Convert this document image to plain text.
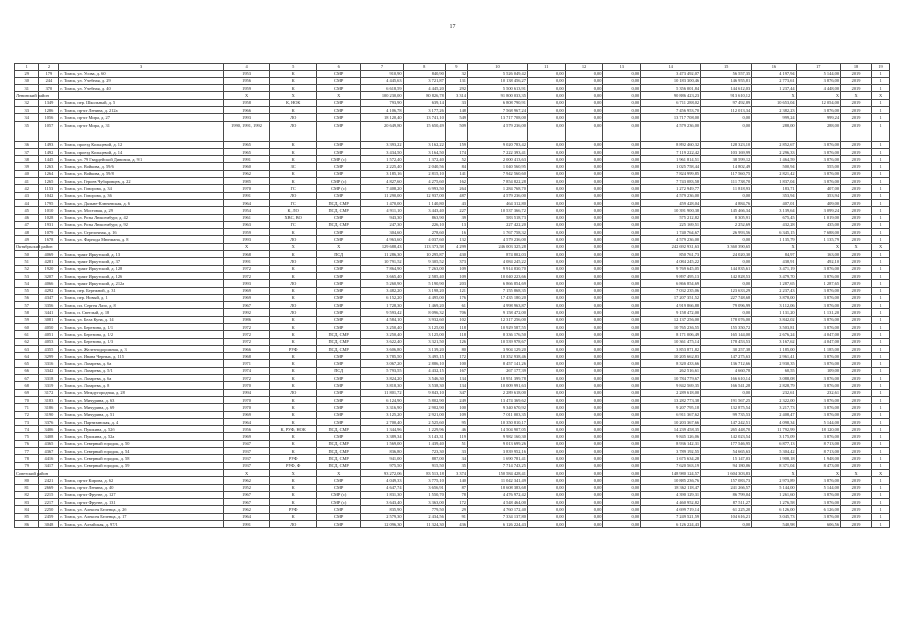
17
1	2	3	4	5	6	7	8	9	10	11	12	13	14	15	16	17	18	19
29	179	г. Томск, ул. Усова, д. 60	1953	К	СМР	910,90	840,90	32	5 526 049,42	0,00	0,00	0,00	3 473 492,07	56 557,35	4 197,94	5 144,00	2019	1
30	244	г. Томск, ул. Учебная, д. 29	1956	К	СМР	4 445,63	3 721,87	131	10 138 456,27	0,00	0,00	0,00	10 183 300,46	146 955,81	2 773,61	3 876,00	2019	1
31	370	г. Томск, ул. Учебная, д. 40	1959	К	СМР	6 618,59	4 445,20	292	5 500 613,91	0,00	0,00	0,00	5 356 001,84	144 612,03	1 237,44	4 448,00	2019	1
Ленинский район			X	X	X	100 230,00	80 826,78	3 314	91 800 033,35	0,00	0,00	0,00	90 886 423,23	913 610,12	X	X	X	X
32	1349	г. Томск, пер. Школьный, д. 5	1958	К, НОК	СМР	793,90	639,14	33	6 808 790,91	0,00	0,00	0,00	6 711 288,02	97 492,89	10 653,04	12 054,00	2019	1
33	1286	г. Томск, пр-кт Ленина, д. 212а	1966	К	СМР	4 106,78	3 177,26	148	7 568 967,24	0,00	0,00	0,00	7 456 953,70	112 013,34	2 382,23	3 876,00	2019	1
34	1056	г. Томск, пр-кт Мира, д. 27	1993	ЛО	СМР	18 120,40	13 741,10	549	13 717 708,00	0,00	0,00	0,00	13 717 708,00	0,00	999,24	999,24	2019	1
35	1057	г. Томск, пр-кт Мира, д. 31	1990, 1991, 1992	ЛО	СМР	20 649,80	15 650,49	509	4 579 236,00	0,00	0,00	0,00	4 579 236,00	0,00	288,00	288,00	2019	1
36	1493	г. Томск, проезд Кольцевой, д. 12	1965	К	СМР	3 393,22	3 162,22	159	9 020 783,42	0,00	0,00	0,00	8 892 460,32	128 323,10	2 852,67	3 876,00	2019	1
37	1492	г. Томск, проезд Кольцевой, д. 14	1965	К	СМР	3 434,50	3 164,50	174	7 222 393,41	0,00	0,00	0,00	7 119 222,42	103 169,99	2 296,33	3 876,00	2019	1
38	1445	г. Томск, ул. 79 Гвардейской Дивизии, д. 9/1	1991	К	СМР (с)	1 572,40	1 372,40	52	2 000 413,63	0,00	0,00	0,00	1 961 814,51	38 599,12	1 464,59	3 876,00	2019	1
39	1263	г. Томск, ул. Войкова, д. 59/6	1960	ЗС	СМР	2 225,40	2 040,56	84	1 040 560,95	0,00	0,00	0,00	1 025 758,44	14 802,49	500,94	555,00	2019	1
40	1264	г. Томск, ул. Войкова, д. 59/8	1962	К	СМР	3 185,16	2 815,10	141	7 942 560,60	0,00	0,00	0,00	7 824 999,85	117 560,75	2 821,42	3 876,00	2019	1
41	1265	г. Томск, ул. Героев Чубаровцев, д. 22	1985	К	СМР (с)	4 827,60	4 275,60	162	7 854 822,28	0,00	0,00	0,00	7 743 083,58	111 738,70	1 837,04	3 876,00	2019	1
42	1153	г. Томск, ул. Говорова, д. 34	1970	ГС	СМР (с)	7 408,20	6 993,50	264	1 284 768,70	0,00	0,00	0,00	1 272 949,77	11 818,93	183,71	407,00	2019	1
43	1042	г. Томск, ул. Говорова, д. 36	1991	ЛО	СМР	11 290,00	12 937,00	487	4 579 236,00	0,00	0,00	0,00	4 579 236,00	0,00	353,94	353,94	2019	1
44	1795	г. Томск, ул. Дальне-Ключевская, д. 6	1964	ГС	ПСД, СМР	1 470,00	1 140,80	43	464 312,80	0,00	0,00	0,00	459 428,04	4 884,76	407,01	409,00	2019	1
45	1010	г. Томск, ул. Мостовая, д. 29	1954	К, ЛО	ПСД, СМР	4 911,10	3 443,40	227	10 537 366,72	0,00	0,00	0,00	10 391 900,38	145 466,34	3 139,64	3 099,24	2019	1
46	1028	г. Томск, ул. Розы Люксембург, д. 42	1961	ХВС, ВО	СМР	943,30	863,90	39	583 518,73	0,00	0,00	0,00	575 212,82	8 305,91	675,45	1 019,00	2019	1
47	1931	г. Томск, ул. Розы Люксембург, д. 92	1963	ГС	ПСД, СМР	247,30	226,10	13	227 422,20	0,00	0,00	0,00	225 169,51	2 252,69	432,28	435,00	2019	1
48	1079	г. Томск, ул. Стрелочная, д. 16	1959	К	СМР	304,60	278,60	16	1 767 758,32	0,00	0,00	0,00	1 740 764,67	26 993,56	6 345,15	7 688,00	2019	1
49	1678	г. Томск, ул. Фарнода Мюнмана, д. 8	1993	ЛО	СМР	4 963,60	4 037,60	132	4 579 236,00	0,00	0,00	0,00	4 579 236,00	0,00	1 135,79	1 135,79	2019	1
Октябрьский район			X	X	X	129 688,43	113 373,58	4 299	246 003 325,28	0,00	0,00	0,00	242 692 931,63	3 360 390,65	X	X	X	X
50	4069	г. Томск, тракт Иркутский, д. 13	1968	К	ПСД	11 286,30	10 295,87	430	874 802,03	0,00	0,00	0,00	850 761,73	24 020,30	84,97	163,00	2019	1
51	4281	г. Томск, тракт Иркутский, д. 37	1991	ЛО	СМР	10 791,52	9 305,52	373	4 084 245,22	0,00	0,00	0,00	4 084 245,22	0,00	438,91	492,10	2019	1
52	1920	г. Томск, тракт Иркутский, д. 128	1972	К	СМР	7 864,90	7 263,00	109	9 914 830,70	0,00	0,00	0,00	9 769 645,05	144 835,61	3 471,19	3 876,00	2019	1
53	3207	г. Томск, тракт Иркутский, д. 126	1972	К	СМР	3 665,40	2 585,40	109	10 040 223,66	0,00	0,00	0,00	9 897 495,13	142 828,53	3 479,70	3 876,00	2019	1
54	4066	г. Томск, тракт Иркутский, д. 212а	1993	ЛО	СМР	5 260,90	5 190,90	203	6 866 854,69	0,00	0,00	0,00	6 866 854,69	0,00	1 287,65	1 287,65	2019	1
55	4292	г. Томск, пер. Бережной, д. 31	1969	К	СМР	3 482,20	3 198,20	121	7 155 868,35	0,00	0,00	0,00	7 032 235,06	123 633,29	2 237,43	3 876,00	2019	1
56	4347	г. Томск, пер. Новый, д. 1	1969	К	СМР	6 152,20	4 495,00	176	17 435 180,20	0,00	0,00	0,00	17 207 351,52	227 748,68	3 878,00	3 876,00	2019	1
57	3356	г. Томск, пл. Сергея Лазо, д. 8	1967	ЛО	СМР	1 728,30	1 469,20	61	4 998 963,87	0,00	0,00	0,00	4 919 866,88	79 096,99	3 112,06	3 876,00	2019	1
58	3441	г. Томск, п. Светлый, д. 18	1992	ЛО	СМР	9 593,42	8 096,32	706	9 158 472,00	0,00	0,00	0,00	9 158 472,00	0,00	1 131,20	1 131,20	2019	1
59	3081	г. Томск, ул. Бела Куна, д. 14	1986	К	СМР	4 584,10	3 932,60	102	12 317 256,00	0,00	0,00	0,00	12 137 256,00	178 076,00	3 842,02	3 876,00	2019	1
60	4050	г. Томск, ул. Березина, д. 1/1	1972	К	СМР	3 250,40	3 125,00	118	10 929 587,55	0,00	0,00	0,00	10 765 236,55	155 350,72	3 503,81	3 876,00	2019	1
61	4051	г. Томск, ул. Березина, д. 1/2	1972	К	ПСД, СМР	3 250,40	3 125,00	118	8 336 176,50	0,00	0,00	0,00	8 171 006,49	165 144,00	2 676,24	4 047,00	2019	1
62	4053	г. Томск, ул. Березина, д. 1/3	1972	К	ПСД, СМР	3 622,40	3 321,50	126	10 539 978,67	0,00	0,00	0,00	10 361 475,14	178 453,53	3 167,62	4 047,00	2019	1
63	4355	г. Томск, ул. Железнодорожная, д. 3	1966	РУФ	ПСД, СМР	3 606,80	3 139,20	80	3 904 129,20	0,00	0,00	0,00	3 853 871,82	30 257,38	1 185,00	1 185,00	2019	1
64	3299	г. Томск, ул. Ивана Черных, д. 115	1968	К	СМР	3 785,50	3 495,15	172	10 352 938,46	0,00	0,00	0,00	10 205 662,83	147 275,63	2 961,41	3 876,00	2019	1
65	3316	г. Томск, ул. Лазарева, д. 6а	1971	К	СМР	3 067,20	2 886,10	100	8 457 141,26	0,00	0,00	0,00	8 320 433,66	136 712,66	2 930,35	3 876,00	2019	1
66	3342	г. Томск, ул. Лазарева, д. 5/1	1974	К	ПСД	5 793,55	4 432,15	167	267 177,39	0,00	0,00	0,00	262 516,61	4 660,78	60,55	109,00	2019	1
67	3318	г. Томск, ул. Лазарева, д. 6а	1972	К	СМР	3 824,20	3 546,30	134	10 951 399,78	0,00	0,00	0,00	10 784 779,67	166 610,14	3 088,08	3 876,00	2019	1
68	3319	г. Томск, ул. Лазарева, д. 8	1970	К	СМР	3 818,30	3 538,30	134	10 009 991,63	0,00	0,00	0,00	9 842 569,35	166 541,28	2 828,79	3 876,00	2019	1
69	3172	г. Томск, ул. Междугородная, д. 28	1994	ЛО	СМР	11 801,72	9 843,10	347	2 289 618,00	0,00	0,00	0,00	2 289 618,00	0,00	232,61	232,61	2019	1
70	3183	г. Томск, ул. Мичурина, д. 63	1970	К	СМР	6 124,90	5 802,90	249	13 474 369,62	0,00	0,00	0,00	13 282 773,38	191 567,25	2 322,00	3 876,00	2019	1
71	3186	г. Томск, ул. Мичурина, д. 69	1970	К	СМР	3 316,90	2 902,90	100	9 340 670,92	0,00	0,00	0,00	9 207 795,18	132 875,54	3 217,73	3 876,00	2019	1
72	3190	г. Томск, ул. Мичурина, д. 51	1969	К	СМР	3 125,20	2 921,00	109	7 011 003,35	0,00	0,00	0,00	6 911 367,62	99 735,53	2 408,47	3 876,00	2019	1
73	3376	г. Томск, ул. Партизанская, д. 4	1964	К	СМР	2 700,40	2 525,60	95	10 350 810,17	0,00	0,00	0,00	10 203 367,66	147 242,51	4 098,34	5 144,00	2019	1
74	3406	г. Томск, ул. Пушкина, д. 52б	1956	К, РУФ, НОК	ПСД, СМР	1 344,96	1 229,96	46	14 504 907,05	0,00	0,00	0,00	14 239 458,35	265 448,70	11 792,99	18 120,00	2019	1
75	3408	г. Томск, ул. Пушкина, д. 52а	1969	К	СМР	3 389,34	3 143,31	119	9 982 160,30	0,00	0,00	0,00	9 845 126,06	142 023,54	3 175,09	3 876,00	2019	1
76	4365	г. Томск, ул. Северный городок, д. 50	1947	К	ПСД, СМР	1 569,00	1 439,40	51	9 013 699,26	0,00	0,00	0,00	8 936 142,31	177 546,95	6 877,13	8 713,00	2019	1
77	4367	г. Томск, ул. Северный городок, д. 54	1937	К	ПСД, СМР	836,80	723,30	33	3 839 952,16	0,00	0,00	0,00	3 789 192,55	54 665,63	5 304,42	8 713,00	2019	1
78	4416	г. Томск, ул. Северный городок, д. 58	1937	РУФ	ПСД, СМР	941,00	887,00	34	1 690 781,41	0,00	0,00	0,00	1 675 634,28	15 147,03	1 908,18	1 948,00	2019	1
79	3417	г. Томск, ул. Северный городок, д. 59	1937	РУФ, Ф	ПСД, СМР	975,50	915,50	35	7 714 743,25	0,00	0,00	0,00	7 620 563,19	94 180,06	8 371,04	8 473,00	2019	1
Советский район			X	X	X	93 272,06	83 513,18	3 374	150 584 428,41	0,00	0,00	0,00	148 980 124,57	1 604 303,83	X	X	X	X
80	2421	г. Томск, пр-кт Кирова, д. 62	1962	К	СМР	4 049,33	3 775,10	140	11 042 341,49	0,00	0,00	0,00	10 885 236,76	157 083,73	2 973,89	3 876,00	2019	1
81	2669	г. Томск, пр-кт Ленина, д. 40	1952	К	СМР	4 647,74	3 656,91	87	18 608 383,68	0,00	0,00	0,00	18 362 118,47	241 266,57	5 144,00	5 144,00	2019	1
82	2215	г. Томск, пр-кт Фрунзе, д. 127	1967	К	СМР (с)	1 831,30	1 550,70	78	4 476 972,42	0,00	0,00	0,00	4 390 129,31	86 799,04	1 261,60	3 876,00	2019	1
83	2217	г. Томск, пр-кт Фрунзе, д. 131	1967	К	СМР (с)	3 643,40	3 363,00	172	4 548 464,00	0,00	0,00	0,00	4 460 952,82	87 511,27	1 276,58	3 876,00	2019	1
84	2250	г. Томск, ул. Алексея Беленца, д. 2б	1962	РУФ	СМР	835,90	779,50	29	4 760 172,40	0,00	0,00	0,00	4 699 719,14	61 225,20	6 126,00	6 126,00	2019	1
85	2459	г. Томск, ул. Алексея Беленца, д. 17	1964	К	СМР	2 579,30	2 434,56	91	7 334 137,80	0,00	0,00	0,00	7 249 521,59	104 616,21	3 045,73	3 876,00	2019	1
86	3048	г. Томск, ул. Алтайская, д. 97/1	1991	ЛО	СМР	12 096,30	11 324,30	436	6 126 224,43	0,00	0,00	0,00	6 126 224,43	0,00	540,98	606,56	2019	1
